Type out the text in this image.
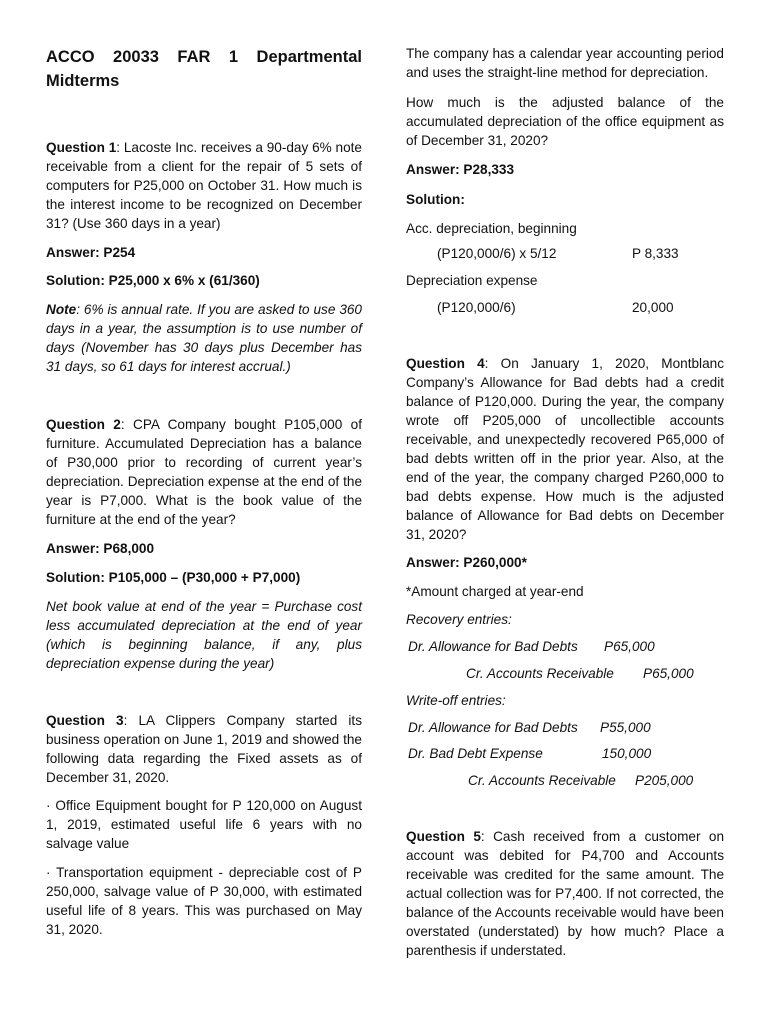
ACCO 20033 FAR 1 Departmental
Midterms

Question 1: Lacoste Inc. receives a 90-day 6% note receivable from a client for the repair of 5 sets of computers for P25,000 on October 31. How much is the interest income to be recognized on December 31? (Use 360 days in a year)

Answer: P254

Solution: P25,000 x 6% x (61/360)

Note: 6% is annual rate. If you are asked to use 360 days in a year, the assumption is to use number of days (November has 30 days plus December has 31 days, so 61 days for interest accrual.)

Question 2: CPA Company bought P105,000 of furniture. Accumulated Depreciation has a balance of P30,000 prior to recording of current year’s depreciation. Depreciation expense at the end of the year is P7,000. What is the book value of the furniture at the end of the year?

Answer: P68,000

Solution: P105,000 – (P30,000 + P7,000)

Net book value at end of the year = Purchase cost less accumulated depreciation at the end of year (which is beginning balance, if any, plus depreciation expense during the year)

Question 3: LA Clippers Company started its business operation on June 1, 2019 and showed the following data regarding the Fixed assets as of December 31, 2020.

· Office Equipment bought for P 120,000 on August 1, 2019, estimated useful life 6 years with no salvage value

· Transportation equipment - depreciable cost of P 250,000, salvage value of P 30,000, with estimated useful life of 8 years. This was purchased on May 31, 2020.

The company has a calendar year accounting period and uses the straight-line method for depreciation.

How much is the adjusted balance of the accumulated depreciation of the office equipment as of December 31, 2020?

Answer: P28,333

Solution:

Acc. depreciation, beginning
(P120,000/6) x 5/12	P 8,333
Depreciation expense
(P120,000/6)	20,000

Question 4: On January 1, 2020, Montblanc Company’s Allowance for Bad debts had a credit balance of P120,000. During the year, the company wrote off P205,000 of uncollectible accounts receivable, and unexpectedly recovered P65,000 of bad debts written off in the prior year. Also, at the end of the year, the company charged P260,000 to bad debts expense. How much is the adjusted balance of Allowance for Bad debts on December 31, 2020?

Answer: P260,000*

*Amount charged at year-end

Recovery entries:

Dr. Allowance for Bad Debts P65,000
Cr. Accounts Receivable P65,000

Write-off entries:

Dr. Allowance for Bad Debts P55,000
Dr. Bad Debt Expense	150,000
Cr. Accounts Receivable P205,000

Question 5: Cash received from a customer on account was debited for P4,700 and Accounts receivable was credited for the same amount. The actual collection was for P7,400. If not corrected, the balance of the Accounts receivable would have been overstated (understated) by how much? Place a parenthesis if understated.
